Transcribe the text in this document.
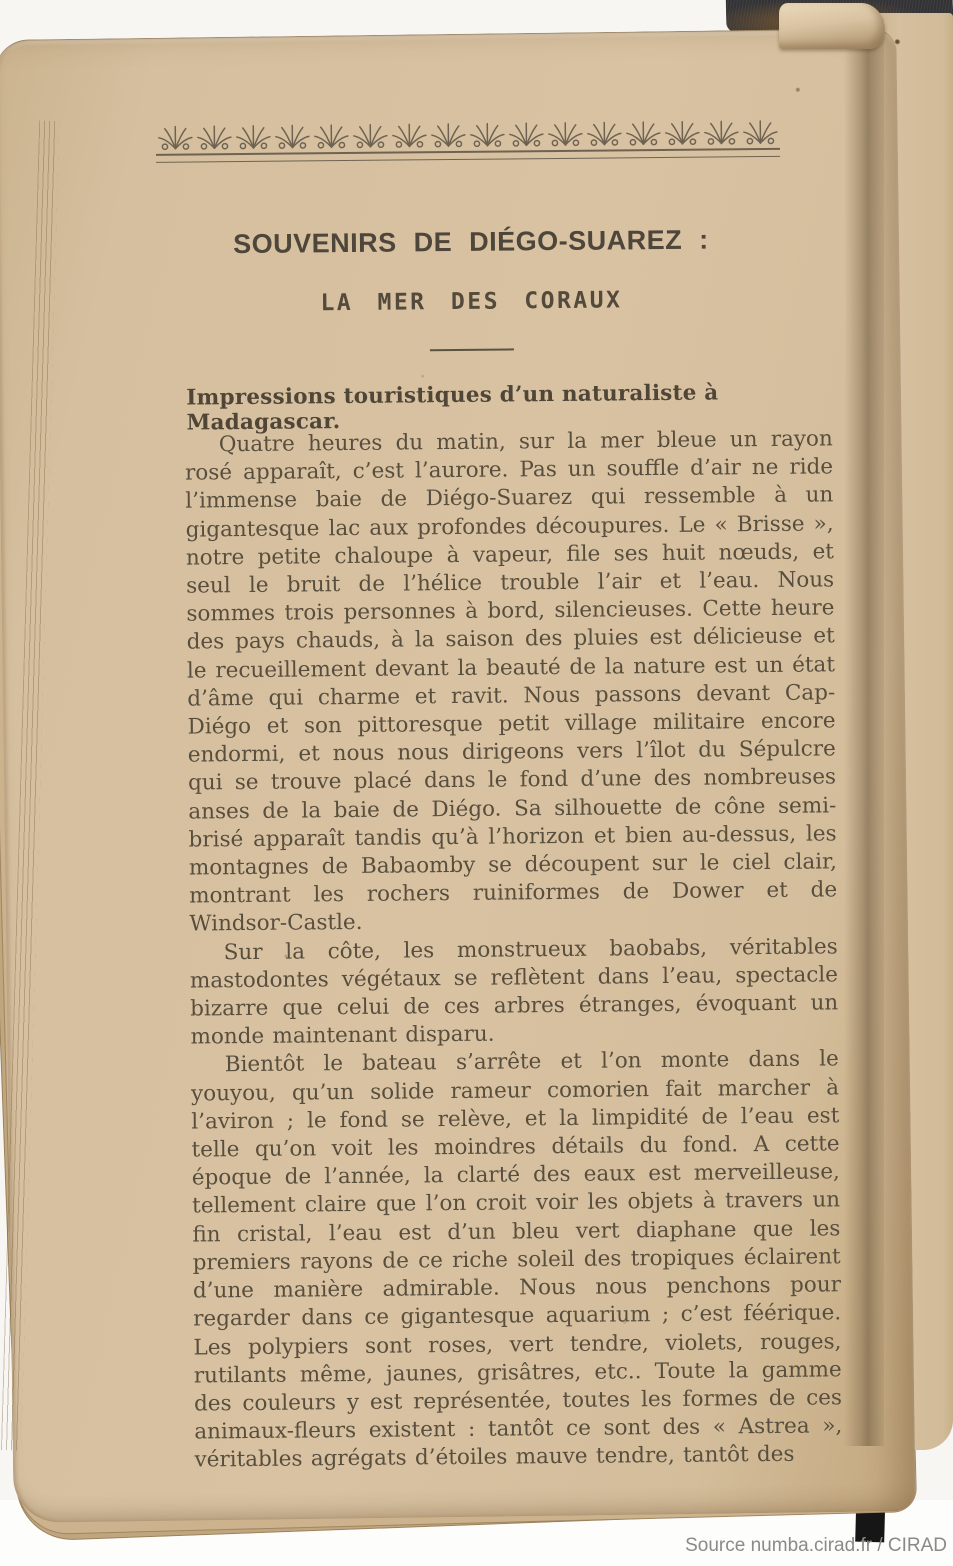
SOUVENIRS DE DIÉGO-SUAREZ :
LA MER DES CORAUX
Impressions touristiques d’un naturaliste à Madagascar.

Quatre heures du matin, sur la mer bleue un rayon rosé apparaît, c’est l’aurore. Pas un souffle d’air ne ride l’immense baie de Diégo-Suarez qui ressemble à un gigantesque lac aux profondes découpures. Le « Brisse », notre petite chaloupe à vapeur, file ses huit nœuds, et seul le bruit de l’hélice trouble l’air et l’eau. Nous sommes trois personnes à bord, silencieuses. Cette heure des pays chauds, à la saison des pluies est délicieuse et le recueillement devant la beauté de la nature est un état d’âme qui charme et ravit. Nous passons devant Cap-Diégo et son pittoresque petit village militaire encore endormi, et nous nous dirigeons vers l’îlot du Sépulcre qui se trouve placé dans le fond d’une des nombreuses anses de la baie de Diégo. Sa silhouette de cône semi-brisé apparaît tandis qu’à l’horizon et bien au-dessus, les montagnes de Babaomby se découpent sur le ciel clair, montrant les rochers ruiniformes de Dower et de Windsor-Castle.

Sur la côte, les monstrueux baobabs, véritables mastodontes végétaux se reflètent dans l’eau, spectacle bizarre que celui de ces arbres étranges, évoquant un monde maintenant disparu.

Bientôt le bateau s’arrête et l’on monte dans le youyou, qu’un solide rameur comorien fait marcher à l’aviron ; le fond se relève, et la limpidité de l’eau est telle qu’on voit les moindres détails du fond. A cette époque de l’année, la clarté des eaux est merveilleuse, tellement claire que l’on croit voir les objets à travers un fin cristal, l’eau est d’un bleu vert diaphane que les premiers rayons de ce riche soleil des tropiques éclairent d’une manière admirable. Nous nous penchons pour regarder dans ce gigantesque aquarium ; c’est féérique. Les polypiers sont roses, vert tendre, violets, rouges, rutilants même, jaunes, grisâtres, etc.. Toute la gamme des couleurs y est représentée, toutes les formes de ces animaux-fleurs existent : tantôt ce sont des « Astrea », véritables agrégats d’étoiles mauve tendre, tantôt des

Source numba.cirad.fr / CIRAD
